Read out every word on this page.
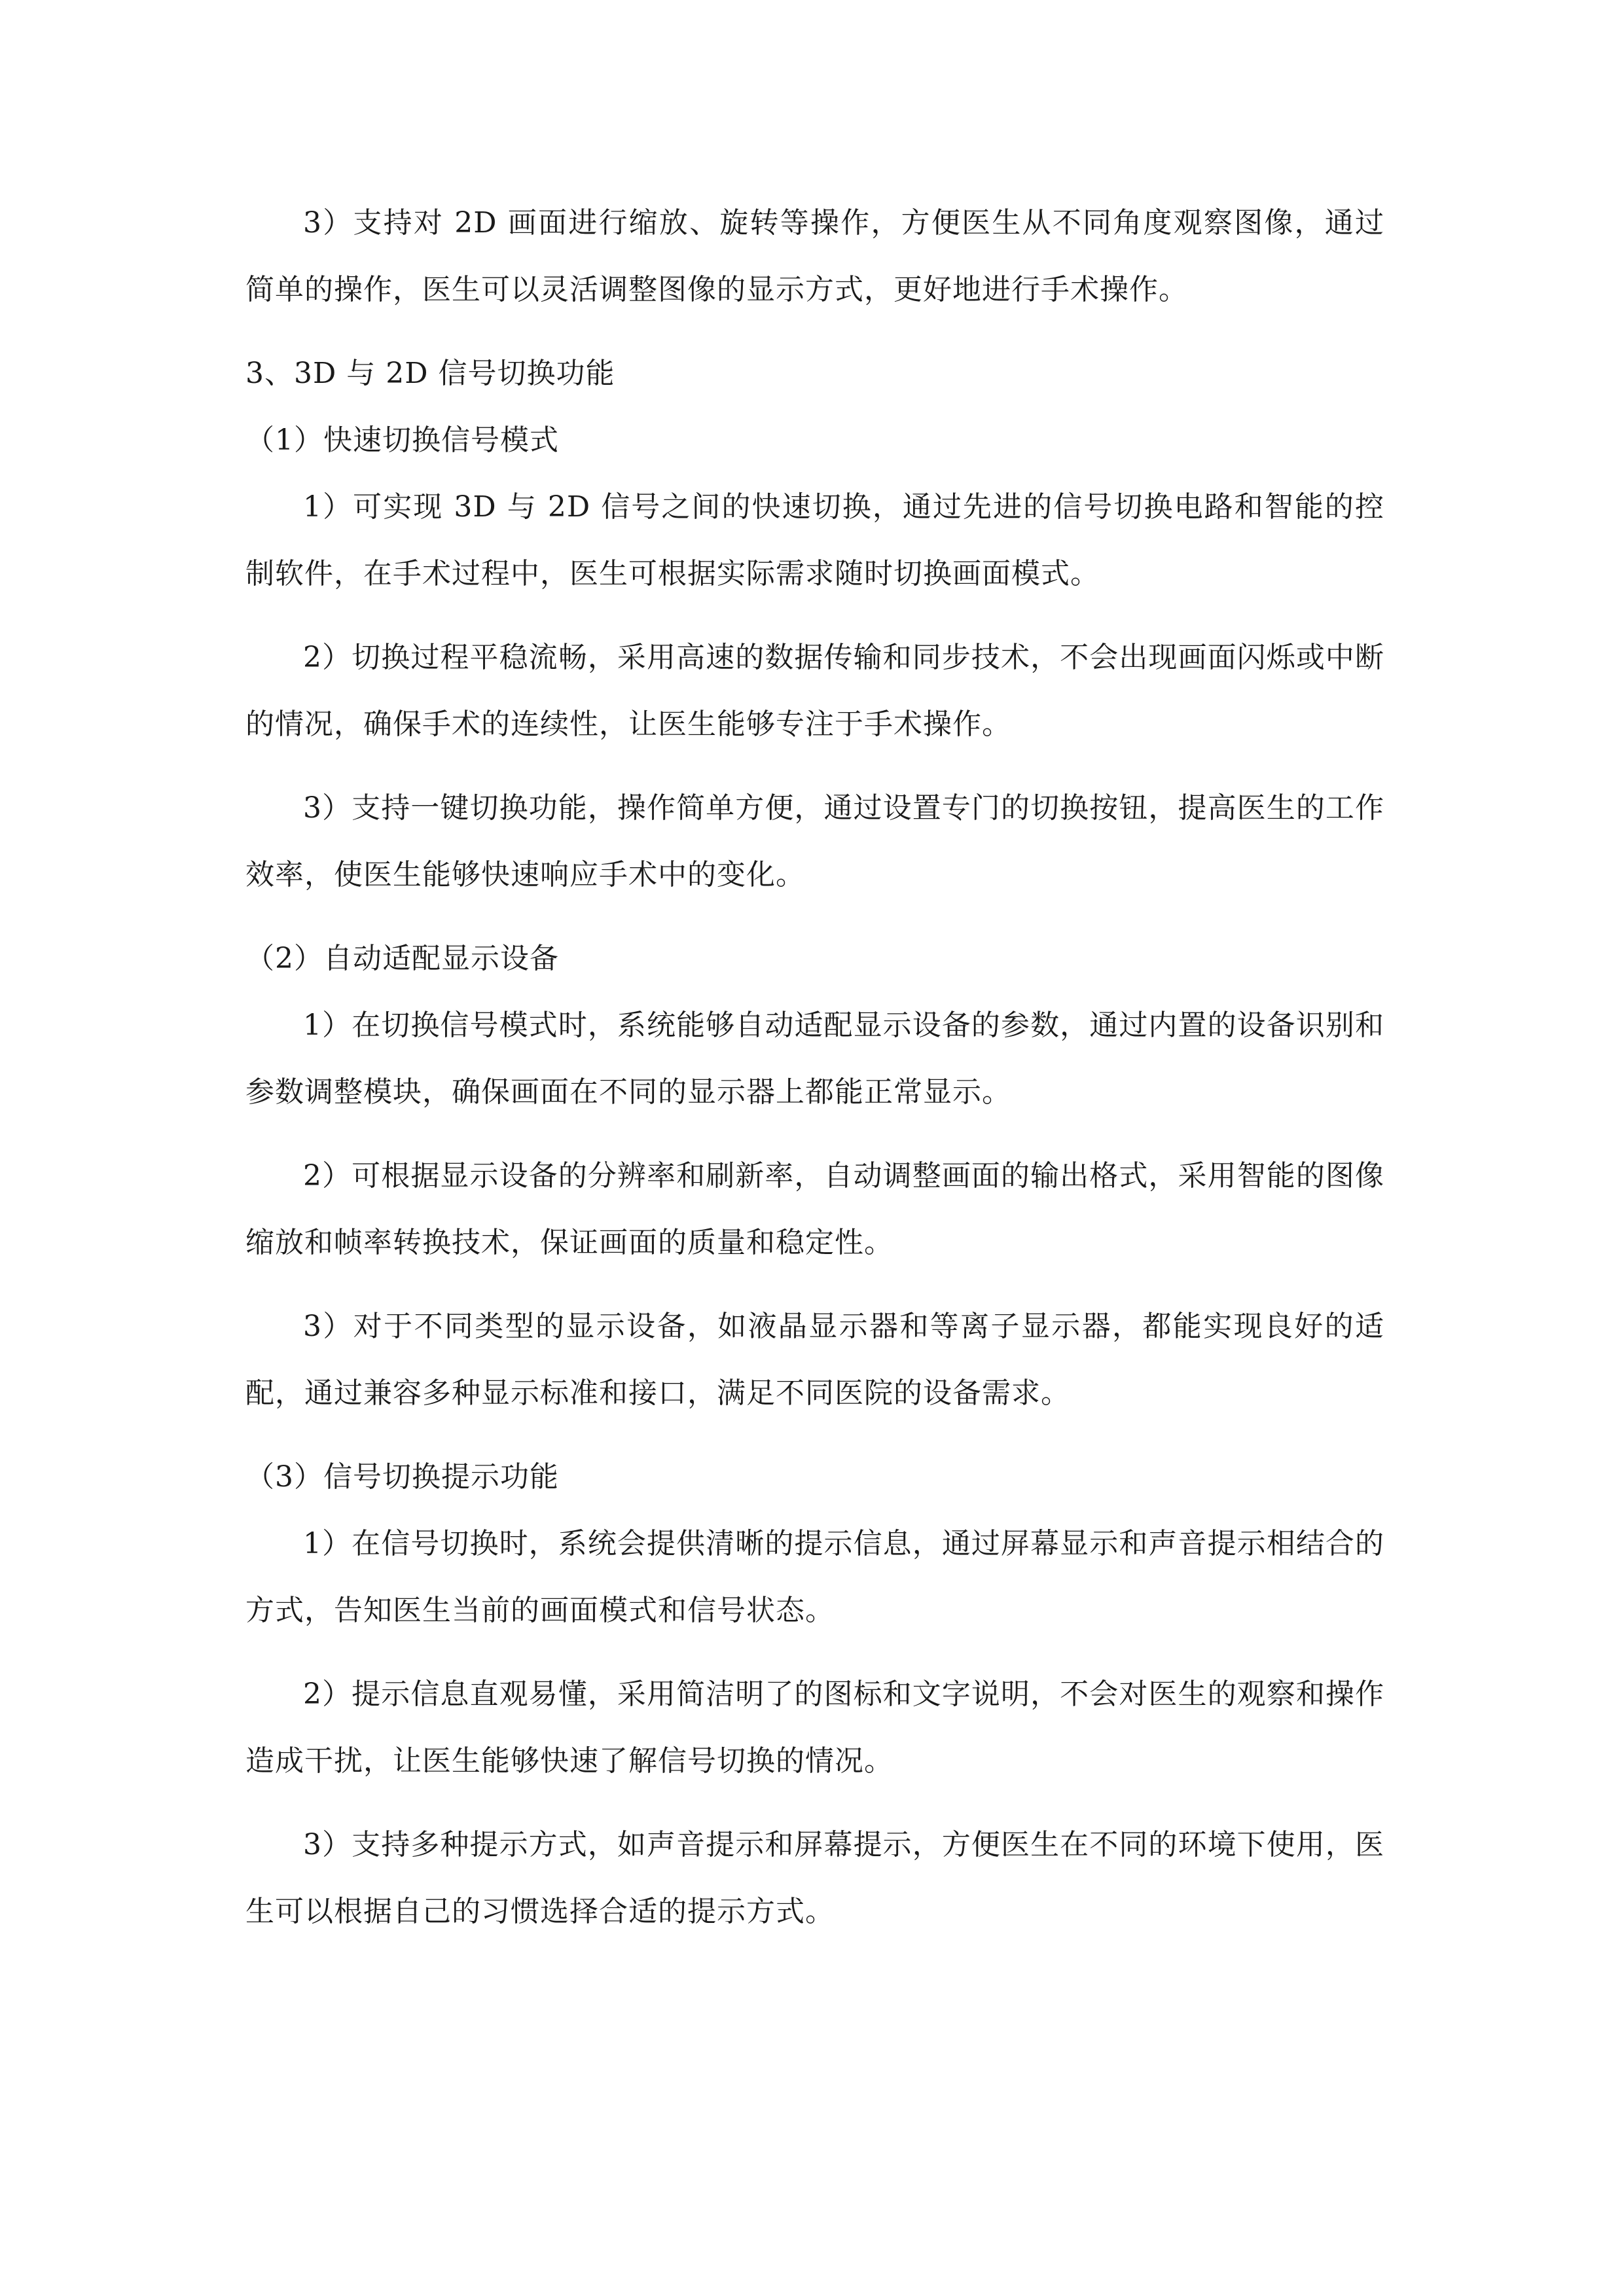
3）支持对 2D 画面进行缩放、旋转等操作，方便医生从不同角度观察图像，通过简单的操作，医生可以灵活调整图像的显示方式，更好地进行手术操作。

3、3D 与 2D 信号切换功能

（1）快速切换信号模式

1）可实现 3D 与 2D 信号之间的快速切换，通过先进的信号切换电路和智能的控制软件，在手术过程中，医生可根据实际需求随时切换画面模式。

2）切换过程平稳流畅，采用高速的数据传输和同步技术，不会出现画面闪烁或中断的情况，确保手术的连续性，让医生能够专注于手术操作。

3）支持一键切换功能，操作简单方便，通过设置专门的切换按钮，提高医生的工作效率，使医生能够快速响应手术中的变化。

（2）自动适配显示设备

1）在切换信号模式时，系统能够自动适配显示设备的参数，通过内置的设备识别和参数调整模块，确保画面在不同的显示器上都能正常显示。

2）可根据显示设备的分辨率和刷新率，自动调整画面的输出格式，采用智能的图像缩放和帧率转换技术，保证画面的质量和稳定性。

3）对于不同类型的显示设备，如液晶显示器和等离子显示器，都能实现良好的适配，通过兼容多种显示标准和接口，满足不同医院的设备需求。

（3）信号切换提示功能

1）在信号切换时，系统会提供清晰的提示信息，通过屏幕显示和声音提示相结合的方式，告知医生当前的画面模式和信号状态。

2）提示信息直观易懂，采用简洁明了的图标和文字说明，不会对医生的观察和操作造成干扰，让医生能够快速了解信号切换的情况。

3）支持多种提示方式，如声音提示和屏幕提示，方便医生在不同的环境下使用，医生可以根据自己的习惯选择合适的提示方式。
